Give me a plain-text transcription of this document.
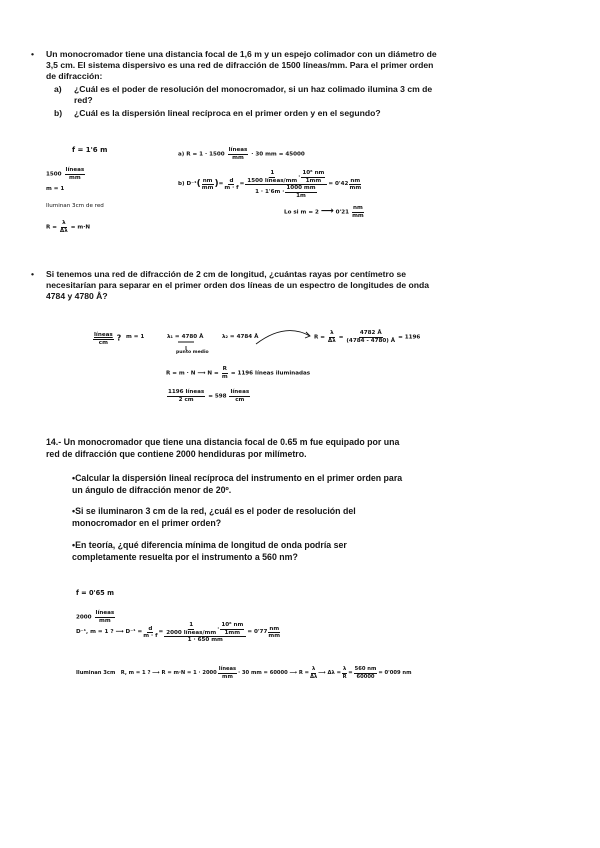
• Un monocromador tiene una distancia focal de 1,6 m y un espejo colimador con un diámetro de
3,5 cm. El sistema dispersivo es una red de difracción de 1500 líneas/mm. Para el primer orden
de difracción:
a) ¿Cuál es el poder de resolución del monocromador, si un haz colimado ilumina 3 cm de
red?
b) ¿Cuál es la dispersión lineal recíproca en el primer orden y en el segundo?
f = 1'6 m
1500
líneas
mm
m = 1
Iluminan 3cm de red
$R = \frac{\lambda}{\Delta\lambda} = m\cdot N$
a) R = 1 · 1500
líneas
mm · 30 mm = 45000
b)
D⁻¹ ( nm
mm ) = $\frac{d}{m \cdot f}$ =
1
1500 líneas/mm
·
10⁶ nm
1mm
1 · 1'6m ·
1000 mm
1m
= 0'42
nm
mm
Lo si m = 2 ⟶ $0'21 \frac{nm}{mm}$
• Si tenemos una red de difracción de 2 cm de longitud, ¿cuántas rayas por centímetro se
necesitarían para separar en el primer orden dos líneas de un espectro de longitudes de onda
4784 y 4780 Å?
líneas
cm ? m = 1	λ₁ = 4780 Å	λ₂ = 4784 Å
punto medio
$R = \frac{\lambda}{\Delta\lambda} = \frac{4782 Å}{(4784 - 4780) Å} = 1196$
R = m · N ⟶ $N = \frac{R}{m} = 1196$ líneas iluminadas
1196 líneas
2 cm	= 598
líneas
cm
14.- Un monocromador que tiene una distancia focal de 0.65 m fue equipado por una
red de difracción que contiene 2000 hendiduras por milímetro.
•Calcular la dispersión lineal recíproca del instrumento en el primer orden para
un ángulo de difracción menor de 20º.
•Si se iluminaron 3 cm de la red, ¿cuál es el poder de resolución del
monocromador en el primer orden?
•En teoría, ¿qué diferencia mínima de longitud de onda podría ser
completamente resuelta por el instrumento a 560 nm?
f = 0'65 m
2000
líneas
mm
D⁻¹, m = 1 ? ⟶
$D^{-1} = \frac{d}{m \cdot f}$ =
1
2000 líneas/mm
·
10⁶ nm
1mm
1 · 650 mm
= 0'77
nm
mm
Iluminan 3cm
R, m = 1 ? ⟶
R = m·N = 1 · 2000
líneas
mm
· 30 mm = 60000 ⟶
$R = \frac{\lambda}{\Delta\lambda}$ ⟶ $\Delta\lambda = \frac{\lambda}{R} = \frac{560 nm}{60000} = 0'009$ nm
